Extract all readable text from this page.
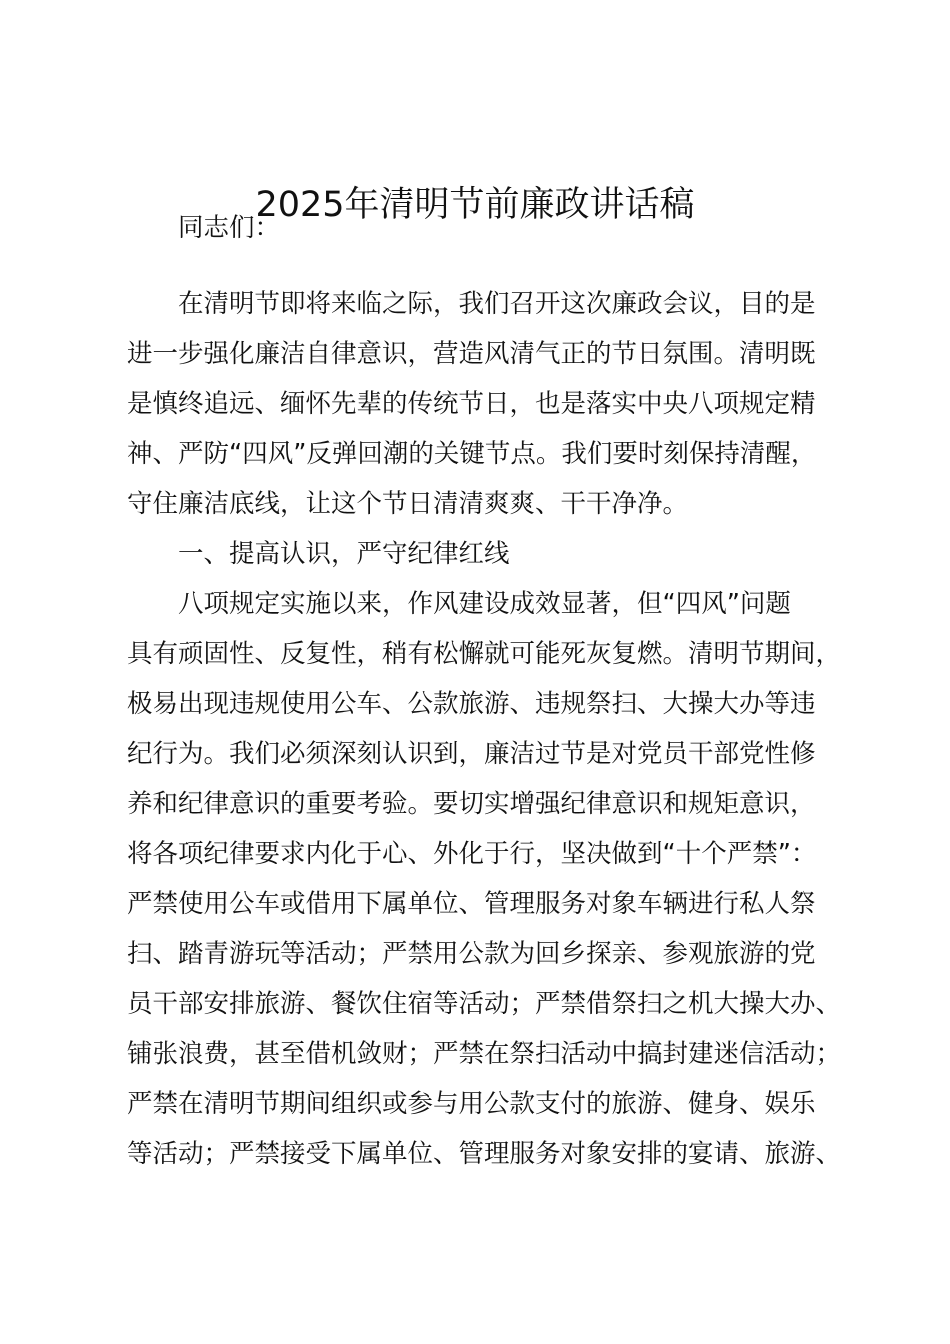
2025年清明节前廉政讲话稿
同志们：
在清明节即将来临之际，我们召开这次廉政会议，目的是
进一步强化廉洁自律意识，营造风清气正的节日氛围。清明既
是慎终追远、缅怀先辈的传统节日，也是落实中央八项规定精
神、严防“四风”反弹回潮的关键节点。我们要时刻保持清醒，
守住廉洁底线，让这个节日清清爽爽、干干净净。
一、提高认识，严守纪律红线
八项规定实施以来，作风建设成效显著，但“四风”问题
具有顽固性、反复性，稍有松懈就可能死灰复燃。清明节期间，
极易出现违规使用公车、公款旅游、违规祭扫、大操大办等违
纪行为。我们必须深刻认识到，廉洁过节是对党员干部党性修
养和纪律意识的重要考验。要切实增强纪律意识和规矩意识，
将各项纪律要求内化于心、外化于行，坚决做到“十个严禁”：
严禁使用公车或借用下属单位、管理服务对象车辆进行私人祭
扫、踏青游玩等活动；严禁用公款为回乡探亲、参观旅游的党
员干部安排旅游、餐饮住宿等活动；严禁借祭扫之机大操大办、
铺张浪费，甚至借机敛财；严禁在祭扫活动中搞封建迷信活动；
严禁在清明节期间组织或参与用公款支付的旅游、健身、娱乐
等活动；严禁接受下属单位、管理服务对象安排的宴请、旅游、
